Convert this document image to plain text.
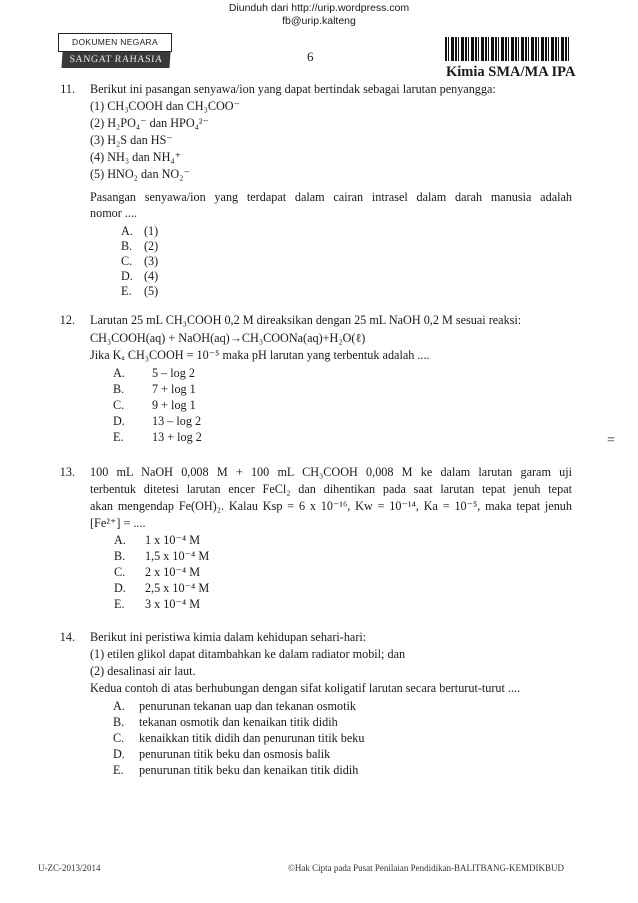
Diunduh dari http://urip.wordpress.com
fb@urip.kalteng
DOKUMEN NEGARA
SANGAT RAHASIA	6
Kimia SMA/MA IPA
11. Berikut ini pasangan senyawa/ion yang dapat bertindak sebagai larutan penyangga:
(1) CH₃COOH dan CH₃COO⁻
(2) H₂PO₄⁻ dan HPO₄²⁻
(3) H₂S dan HS⁻
(4) NH₃ dan NH₄⁺
(5) HNO₂ dan NO₂⁻
Pasangan senyawa/ion yang terdapat dalam cairan intrasel dalam darah manusia adalah
nomor ....
A. (1)
B. (2)
C. (3)
D. (4)
E. (5)
12. Larutan 25 mL CH₃COOH 0,2 M direaksikan dengan 25 mL NaOH 0,2 M sesuai reaksi:
CH₃COOH(aq) + NaOH(aq)→CH₃COONa(aq)+H₂O(ℓ)
Jika Kₐ CH₃COOH = 10⁻⁵ maka pH larutan yang terbentuk adalah ....
A. 5 – log 2
B. 7 + log 1
C. 9 + log 1
D. 13 – log 2
E. 13 + log 2	=
13. 100 mL NaOH 0,008 M + 100 mL CH₃COOH 0,008 M ke dalam larutan garam uji
terbentuk ditetesi larutan encer FeCl₂ dan dihentikan pada saat larutan tepat jenuh tepat
akan mengendap Fe(OH)₂. Kalau Ksp = 6 x 10⁻¹⁶, Kw = 10⁻¹⁴, Ka = 10⁻⁵, maka tepat jenuh
[Fe²⁺] = ....
A. 1 x 10⁻⁴ M
B. 1,5 x 10⁻⁴ M
C. 2 x 10⁻⁴ M
D. 2,5 x 10⁻⁴ M
E. 3 x 10⁻⁴ M
14. Berikut ini peristiwa kimia dalam kehidupan sehari-hari:
(1) etilen glikol dapat ditambahkan ke dalam radiator mobil; dan
(2) desalinasi air laut.
Kedua contoh di atas berhubungan dengan sifat koligatif larutan secara berturut-turut ....
A. penurunan tekanan uap dan tekanan osmotik
B. tekanan osmotik dan kenaikan titik didih
C. kenaikkan titik didih dan penurunan titik beku
D. penurunan titik beku dan osmosis balik
E. penurunan titik beku dan kenaikan titik didih
U-ZC-2013/2014	©Hak Cipta pada Pusat Penilaian Pendidikan-BALITBANG-KEMDIKBUD
